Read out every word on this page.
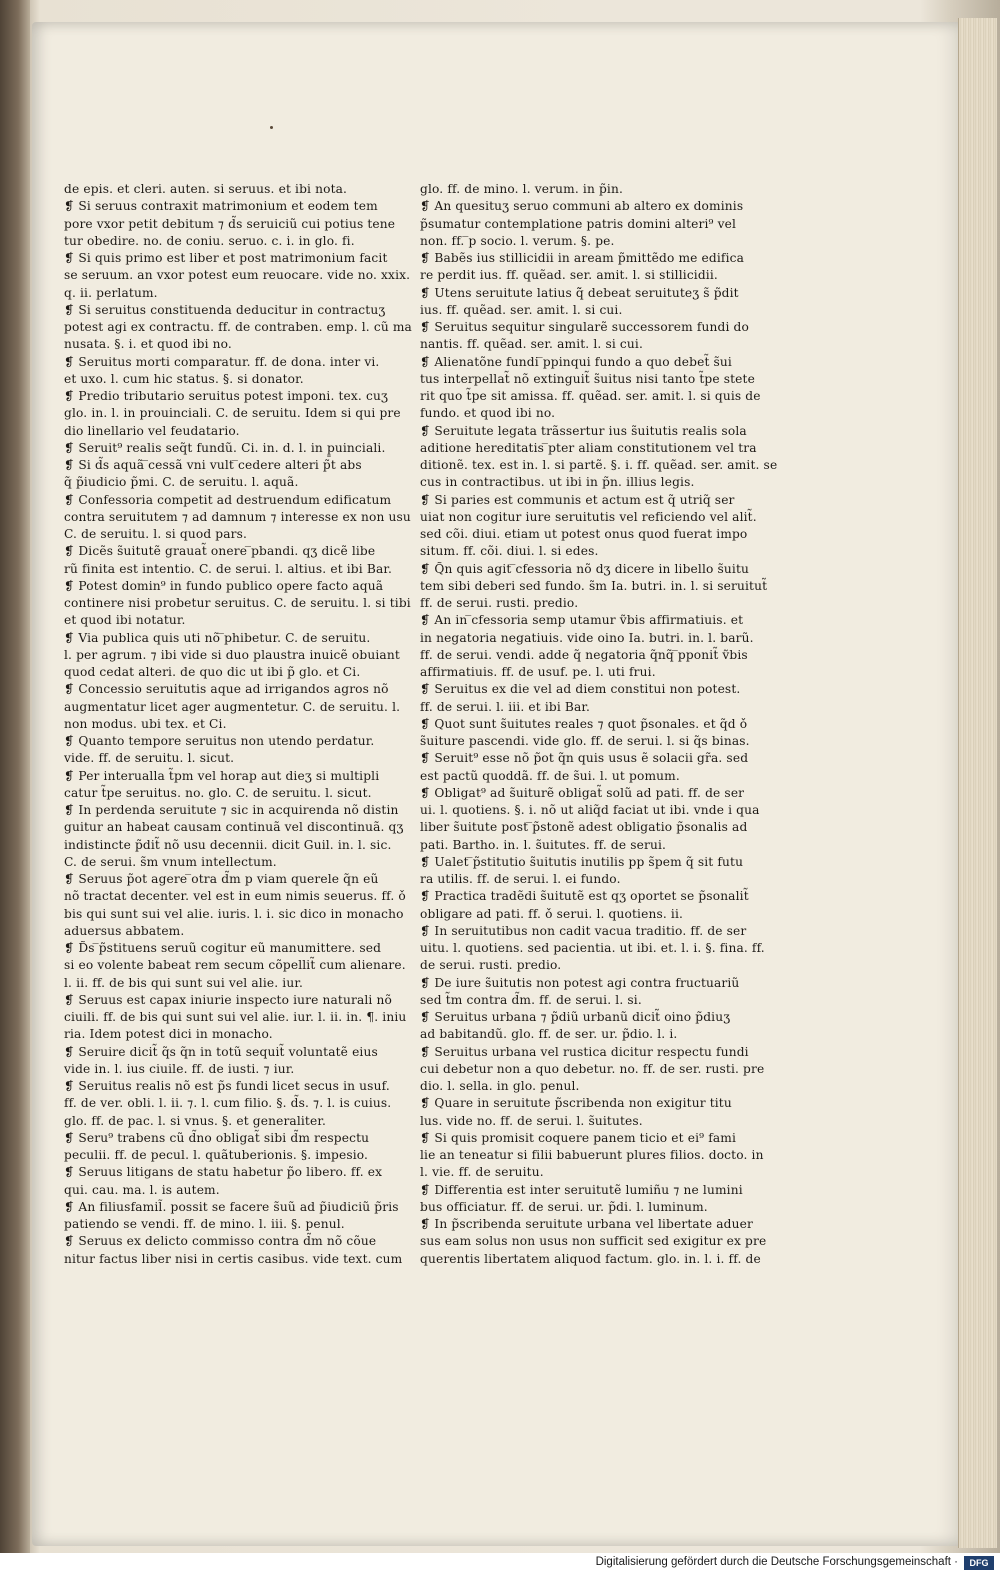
de epis. et cleri. auten. si seruus. et ibi nota.
❡ Si seruus contraxit matrimonium et eodem tem
pore vxor petit debitum ⁊ d̃s seruiciũ cui potius tene
tur obedire. no. de coniu. seruo. c. i. in glo. fi.
❡ Si quis primo est liber et post matrimonium facit
se seruum. an vxor potest eum reuocare. vide no. xxix.
q. ii. perlatum.
❡ Si seruitus constituenda deducitur in contractuʒ
potest agi ex contractu. ff. de contraben. emp. l. cũ ma
nusata. §. i. et quod ibi no.
❡ Seruitus morti comparatur. ff. de dona. inter vi.
et uxo. l. cum hic status. §. si donator.
❡ Predio tributario seruitus potest imponi. tex. cuʒ
glo. in. l. in prouinciali. C. de seruitu. Idem si qui pre
dio linellario vel feudatario.
❡ Seruit⁹ realis seq̃t fundũ. Ci. in. d. l. in p̱uinciali.
❡ Si d̃s aquã ̅cessã vni vult ̅cedere alteri p̃t abs
q̃ p̃iudicio p̃mi. C. de seruitu. l. aquã.
❡ Confessoria competit ad destruendum edificatum
contra seruitutem ⁊ ad damnum ⁊ interesse ex non usu
C. de seruitu. l. si quod pars.
❡ Dicẽs s̃uitutẽ grauat̃ onere ̅pbandi. qʒ dicẽ libe
rũ finita est intentio. C. de serui. l. altius. et ibi Bar.
❡ Potest domin⁹ in fundo publico opere facto aquã
continere nisi probetur seruitus. C. de seruitu. l. si tibi
et quod ibi notatur.
❡ Via publica quis uti nõ ̅phibetur. C. de seruitu.
l. per agrum. ⁊ ibi vide si duo plaustra inuicẽ obuiant
quod cedat alteri. de quo dic ut ibi p̃ glo. et Ci.
❡ Concessio seruitutis aque ad irrigandos agros nõ
augmentatur licet ager augmentetur. C. de seruitu. l.
non modus. ubi tex. et Ci.
❡ Quanto tempore seruitus non utendo perdatur.
vide. ff. de seruitu. l. sicut.
❡ Per interualla t̃pm vel horap aut dieʒ si multipli
catur t̃pe seruitus. no. glo. C. de seruitu. l. sicut.
❡ In perdenda seruitute ⁊ sic in acquirenda nõ distin
guitur an habeat causam continuã vel discontinuã. qʒ
indistincte p̃dit̃ nõ usu decennii. dicit Guil. in. l. sic.
C. de serui. s̃m vnum intellectum.
❡ Seruus p̃ot agere ̅otra d̃m p viam querele q̃n eũ
nõ tractat decenter. vel est in eum nimis seuerus. ff. ǒ
bis qui sunt sui vel alie. iuris. l. i. sic dico in monacho
aduersus abbatem.
❡ D̃s ̅p̃stituens seruũ cogitur eũ manumittere. sed
si eo volente babeat rem secum cõpellit̃ cum alienare.
l. ii. ff. de bis qui sunt sui vel alie. iur.
❡ Seruus est capax iniurie inspecto iure naturali nõ
ciuili. ff. de bis qui sunt sui vel alie. iur. l. ii. in. ¶. iniu
ria. Idem potest dici in monacho.
❡ Seruire dicit̃ q̃s q̃n in totũ sequit̃ voluntatẽ eius
vide in. l. ius ciuile. ff. de iusti. ⁊ iur.
❡ Seruitus realis nõ est p̃s fundi licet secus in usuf.
ff. de ver. obli. l. ii. ⁊. l. cum filio. §. d̃s. ⁊. l. is cuius.
glo. ff. de pac. l. si vnus. §. et generaliter.
❡ Seru⁹ trabens cũ d̃no obligat̃ sibi d̃m respectu
peculii. ff. de pecul. l. quãtuberionis. §. impesio.
❡ Seruus litigans de statu habetur p̃o libero. ff. ex
qui. cau. ma. l. is autem.
❡ An filiusfamil̃. possit se facere s̃uũ ad p̃iudiciũ p̃ris
patiendo se vendi. ff. de mino. l. iii. §. penul.
❡ Seruus ex delicto commisso contra d̃m nõ cõue
nitur factus liber nisi in certis casibus. vide text. cum
glo. ff. de mino. l. verum. in p̃in.
❡ An quesituʒ seruo communi ab altero ex dominis
p̃sumatur contemplatione patris domini alteri⁹ vel
non. ff. ̅p socio. l. verum. §. pe.
❡ Babẽs ius stillicidii in aream p̃mittẽdo me edifica
re perdit ius. ff. quẽad. ser. amit. l. si stillicidii.
❡ Utens seruitute latius q̃̃ debeat seruituteʒ s̃ p̃dit
ius. ff. quẽad. ser. amit. l. si cui.
❡ Seruitus sequitur singularẽ successorem fundi do
nantis. ff. quẽad. ser. amit. l. si cui.
❡ Alienatõne fundi ̅ppinqui fundo a quo debet̃ s̃ui
tus interpellat̃ nõ extinguit̃ s̃uitus nisi tanto t̃pe stete
rit quo t̃pe sit amissa. ff. quẽad. ser. amit. l. si quis de
fundo. et quod ibi no.
❡ Seruitute legata trãssertur ius s̃uitutis realis sola
aditione hereditatis ̅pter aliam constitutionem vel tra
ditionẽ. tex. est in. l. si partẽ. §. i. ff. quẽad. ser. amit. se
cus in contractibus. ut ibi in p̃n. illius legis.
❡ Si paries est communis et actum est q̃ utriq̃ ser
uiat non cogitur iure seruitutis vel reficiendo vel alit̃.
sed cõi. diui. etiam ut potest onus quod fuerat impo
situm. ff. cõi. diui. l. si edes.
❡ Q̃n quis agit ̅cfessoria nõ dʒ dicere in libello s̃uitu
tem sibi deberi sed fundo. s̃m Ia. butri. in. l. si seruitut̃
ff. de serui. rusti. predio.
❡ An in ̅cfessoria semp utamur ṽbis affirmatiuis. et
in negatoria negatiuis. vide oino Ia. butri. in. l. barũ.
ff. de serui. vendi. adde q̃ negatoria q̃nq̃ ̅pponit̃ ṽbis
affirmatiuis. ff. de usuf. pe. l. uti frui.
❡ Seruitus ex die vel ad diem constitui non potest.
ff. de serui. l. iii. et ibi Bar.
❡ Quot sunt s̃uitutes reales ⁊ quot p̃sonales. et q̃d ǒ
s̃uiture pascendi. vide glo. ff. de serui. l. si q̃s binas.
❡ Seruit⁹ esse nõ p̃ot q̃n quis usus ẽ solacii gr̃a. sed
est pactũ quoddã. ff. de s̃ui. l. ut pomum.
❡ Obligat⁹ ad s̃uiturẽ obligat̃ solũ ad pati. ff. de ser
ui. l. quotiens. §. i. nõ ut aliq̃d faciat ut ibi. vnde i qua
liber s̃uitute post ̅p̃stonẽ adest obligatio p̃sonalis ad
pati. Bartho. in. l. s̃uitutes. ff. de serui.
❡ Ualet ̅p̃stitutio s̃uitutis inutilis pp s̃pem q̃ sit futu
ra utilis. ff. de serui. l. ei fundo.
❡ Practica tradẽdi s̃uitutẽ est qʒ oportet se p̃sonalit̃
obligare ad pati. ff. ǒ serui. l. quotiens. ii.
❡ In seruitutibus non cadit vacua traditio. ff. de ser
uitu. l. quotiens. sed pacientia. ut ibi. et. l. i. §. fina. ff.
de serui. rusti. predio.
❡ De iure s̃uitutis non potest agi contra fructuariũ
sed t̃m contra d̃m. ff. de serui. l. si.
❡ Seruitus urbana ⁊ p̃diũ urbanũ dicit̃ oino p̃diuʒ
ad babitandũ. glo. ff. de ser. ur. p̃dio. l. i.
❡ Seruitus urbana vel rustica dicitur respectu fundi
cui debetur non a quo debetur. no. ff. de ser. rusti. pre
dio. l. sella. in glo. penul.
❡ Quare in seruitute p̃scribenda non exigitur titu
lus. vide no. ff. de serui. l. s̃uitutes.
❡ Si quis promisit coquere panem ticio et ei⁹ fami
lie an teneatur si filii babuerunt plures filios. docto. in
l. vie. ff. de seruitu.
❡ Differentia est inter seruitutẽ lumiñu ⁊ ne lumini
bus officiatur. ff. de serui. ur. p̃di. l. luminum.
❡ In p̃scribenda seruitute urbana vel libertate aduer
sus eam solus non usus non sufficit sed exigitur ex pre
querentis libertatem aliquod factum. glo. in. l. i. ff. de
Digitalisierung gefördert durch die Deutsche Forschungsgemeinschaft ·	DFG
